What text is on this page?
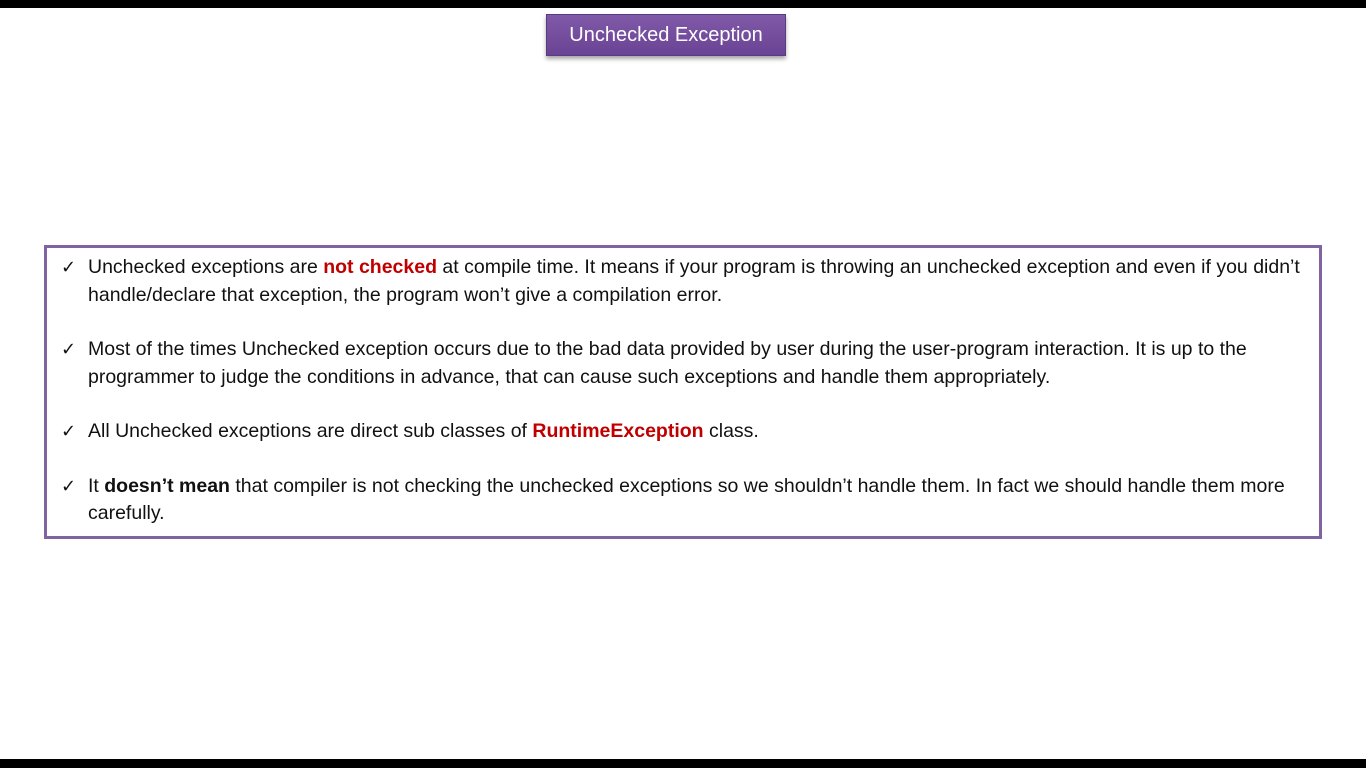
Unchecked Exception
✓ Unchecked exceptions are not checked at compile time. It means if your program is throwing an unchecked exception and even if you didn’t handle/declare that exception, the program won’t give a compilation error.
✓ Most of the times Unchecked exception occurs due to the bad data provided by user during the user-program interaction. It is up to the programmer to judge the conditions in advance, that can cause such exceptions and handle them appropriately.
✓ All Unchecked exceptions are direct sub classes of RuntimeException class.
✓ It doesn’t mean that compiler is not checking the unchecked exceptions so we shouldn’t handle them. In fact we should handle them more carefully.
